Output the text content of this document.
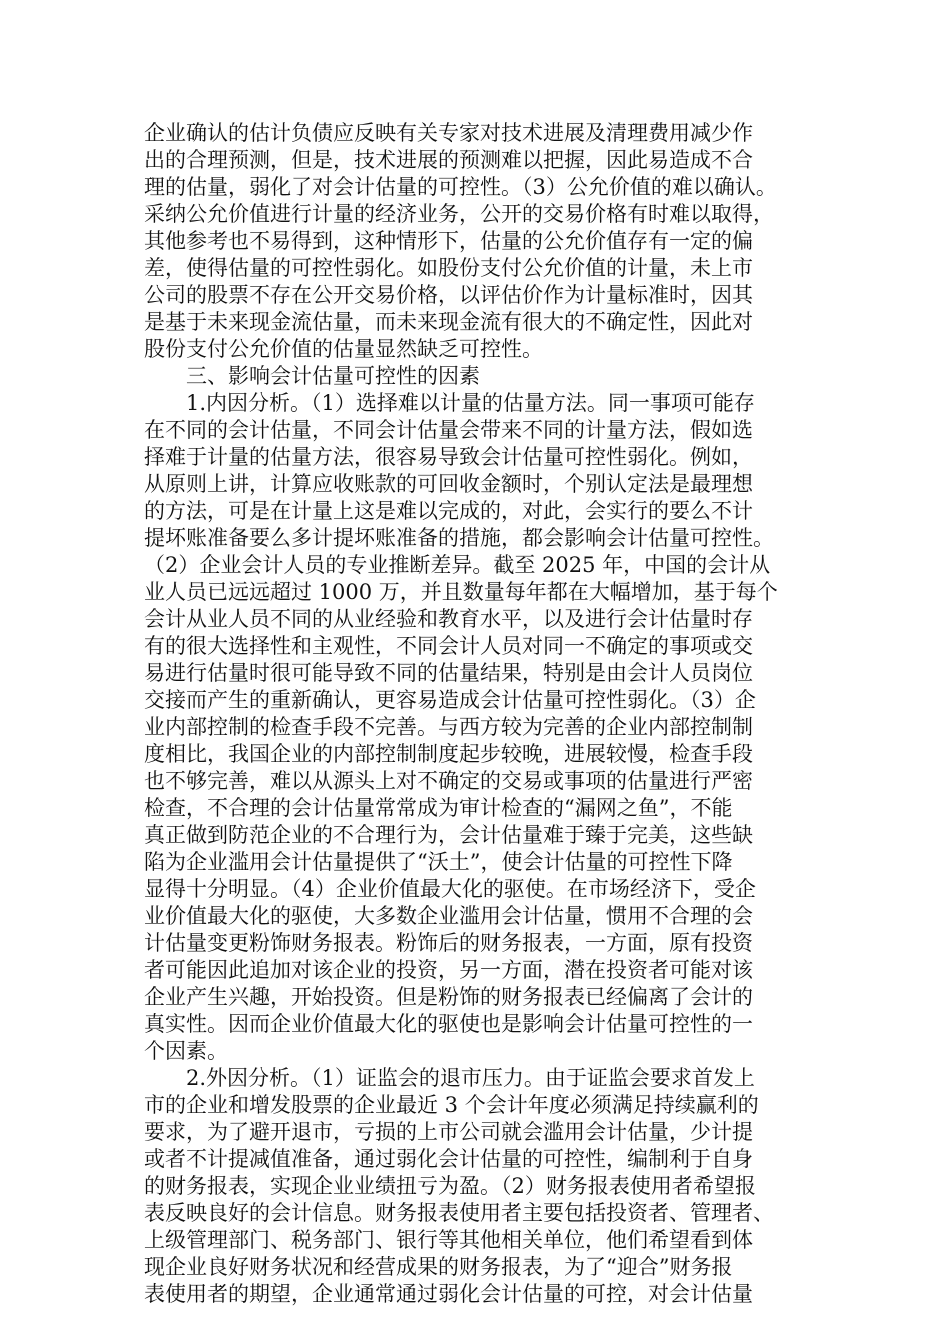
企业确认的估计负债应反映有关专家对技术进展及清理费用减少作
出的合理预测，但是，技术进展的预测难以把握，因此易造成不合
理的估量，弱化了对会计估量的可控性。（3）公允价值的难以确认。
采纳公允价值进行计量的经济业务，公开的交易价格有时难以取得，
其他参考也不易得到，这种情形下，估量的公允价值存有一定的偏
差，使得估量的可控性弱化。如股份支付公允价值的计量，未上市
公司的股票不存在公开交易价格，以评估价作为计量标准时，因其
是基于未来现金流估量，而未来现金流有很大的不确定性，因此对
股份支付公允价值的估量显然缺乏可控性。
三、影响会计估量可控性的因素
1.内因分析。（1）选择难以计量的估量方法。同一事项可能存
在不同的会计估量，不同会计估量会带来不同的计量方法，假如选
择难于计量的估量方法，很容易导致会计估量可控性弱化。例如，
从原则上讲，计算应收账款的可回收金额时，个别认定法是最理想
的方法，可是在计量上这是难以完成的，对此，会实行的要么不计
提坏账准备要么多计提坏账准备的措施，都会影响会计估量可控性。
（2）企业会计人员的专业推断差异。截至 2025 年，中国的会计从
业人员已远远超过 1000 万，并且数量每年都在大幅增加，基于每个
会计从业人员不同的从业经验和教育水平，以及进行会计估量时存
有的很大选择性和主观性，不同会计人员对同一不确定的事项或交
易进行估量时很可能导致不同的估量结果，特别是由会计人员岗位
交接而产生的重新确认，更容易造成会计估量可控性弱化。（3）企
业内部控制的检查手段不完善。与西方较为完善的企业内部控制制
度相比，我国企业的内部控制制度起步较晚，进展较慢，检查手段
也不够完善，难以从源头上对不确定的交易或事项的估量进行严密
检查，不合理的会计估量常常成为审计检查的“漏网之鱼”，不能
真正做到防范企业的不合理行为，会计估量难于臻于完美，这些缺
陷为企业滥用会计估量提供了“沃土”，使会计估量的可控性下降
显得十分明显。（4）企业价值最大化的驱使。在市场经济下，受企
业价值最大化的驱使，大多数企业滥用会计估量，惯用不合理的会
计估量变更粉饰财务报表。粉饰后的财务报表，一方面，原有投资
者可能因此追加对该企业的投资，另一方面，潜在投资者可能对该
企业产生兴趣，开始投资。但是粉饰的财务报表已经偏离了会计的
真实性。因而企业价值最大化的驱使也是影响会计估量可控性的一
个因素。
2.外因分析。（1）证监会的退市压力。由于证监会要求首发上
市的企业和增发股票的企业最近 3 个会计年度必须满足持续赢利的
要求，为了避开退市，亏损的上市公司就会滥用会计估量，少计提
或者不计提减值准备，通过弱化会计估量的可控性，编制利于自身
的财务报表，实现企业业绩扭亏为盈。（2）财务报表使用者希望报
表反映良好的会计信息。财务报表使用者主要包括投资者、管理者、
上级管理部门、税务部门、银行等其他相关单位，他们希望看到体
现企业良好财务状况和经营成果的财务报表，为了“迎合”财务报
表使用者的期望，企业通常通过弱化会计估量的可控，对会计估量
